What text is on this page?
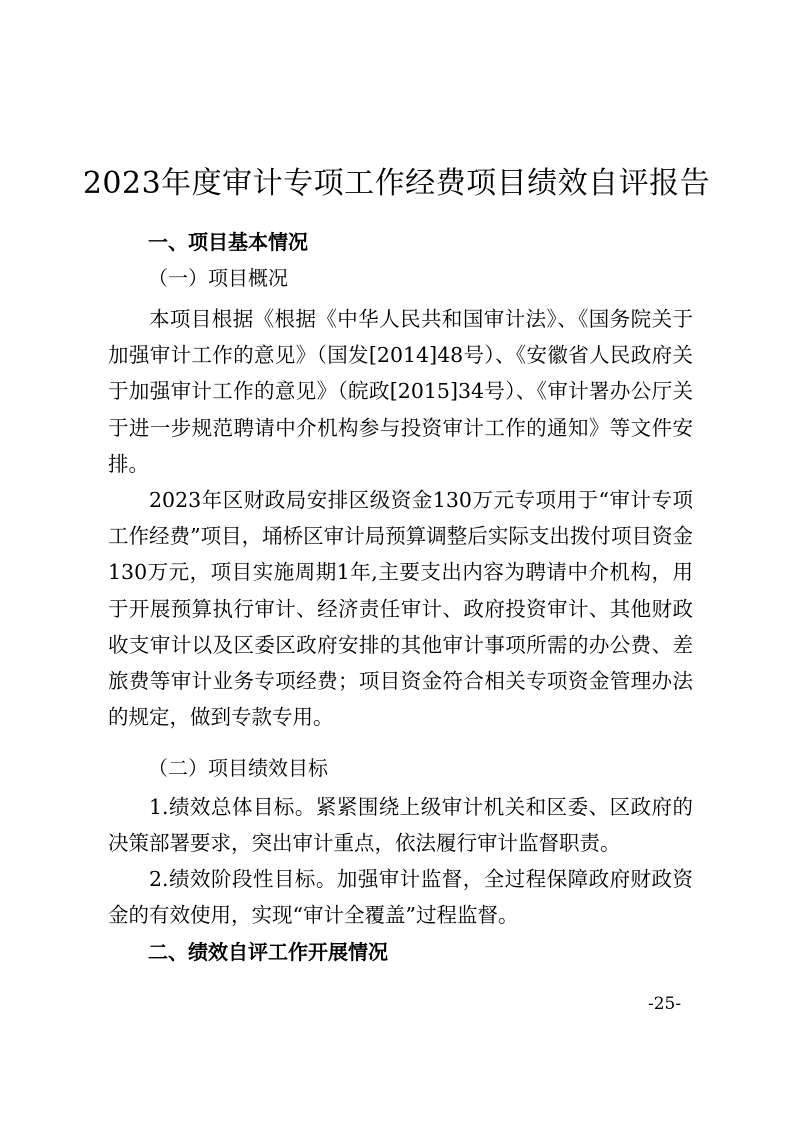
2023年度审计专项工作经费项目绩效自评报告
一、项目基本情况
（一）项目概况

本项目根据《根据《中华人民共和国审计法》、《国务院关于加强审计工作的意见》（国发[2014]48号）、《安徽省人民政府关于加强审计工作的意见》（皖政[2015]34号）、《审计署办公厅关于进一步规范聘请中介机构参与投资审计工作的通知》等文件安排。

2023年区财政局安排区级资金130万元专项用于“审计专项工作经费”项目，埇桥区审计局预算调整后实际支出拨付项目资金130万元，项目实施周期1年,主要支出内容为聘请中介机构，用于开展预算执行审计、经济责任审计、政府投资审计、其他财政收支审计以及区委区政府安排的其他审计事项所需的办公费、差旅费等审计业务专项经费；项目资金符合相关专项资金管理办法的规定，做到专款专用。

（二）项目绩效目标

1.绩效总体目标。紧紧围绕上级审计机关和区委、区政府的决策部署要求，突出审计重点，依法履行审计监督职责。

2.绩效阶段性目标。加强审计监督，全过程保障政府财政资金的有效使用，实现“审计全覆盖”过程监督。

二、绩效自评工作开展情况
-25-
